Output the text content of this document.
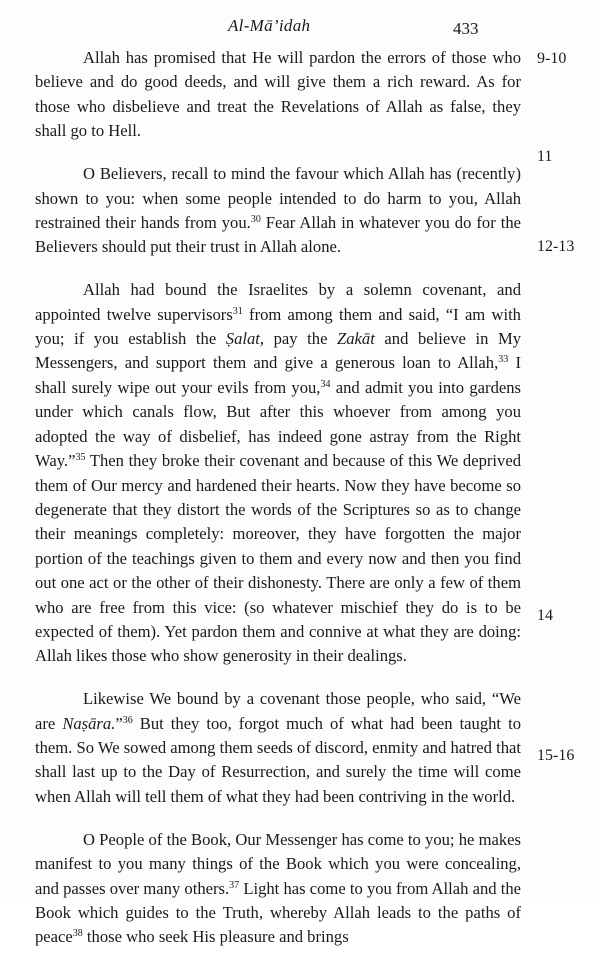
Al-Mā’idah	433
9-10
11
12-13
14
15-16

Allah has promised that He will pardon the errors of those who believe and do good deeds, and will give them a rich reward. As for those who disbelieve and treat the Revelations of Allah as false, they shall go to Hell.

O Believers, recall to mind the favour which Allah has (recently) shown to you: when some people intended to do harm to you, Allah restrained their hands from you.$^{30}$ Fear Allah in whatever you do for the Believers should put their trust in Allah alone.

Allah had bound the Israelites by a solemn covenant, and appointed twelve supervisors$^{31}$ from among them and said, “I am with you; if you establish the Ṣalat, pay the Zakāt and believe in My Messengers, and support them and give a generous loan to Allah,$^{33}$ I shall surely wipe out your evils from you,$^{34}$ and admit you into gardens under which canals flow, But after this whoever from among you adopted the way of disbelief, has indeed gone astray from the Right Way.”$^{35}$ Then they broke their covenant and because of this We deprived them of Our mercy and hardened their hearts. Now they have become so degenerate that they distort the words of the Scriptures so as to change their meanings completely: moreover, they have forgotten the major portion of the teachings given to them and every now and then you find out one act or the other of their dishonesty. There are only a few of them who are free from this vice: (so whatever mischief they do is to be expected of them). Yet pardon them and connive at what they are doing: Allah likes those who show generosity in their dealings.

Likewise We bound by a covenant those people, who said, “We are Naṣāra.”$^{36}$ But they too, forgot much of what had been taught to them. So We sowed among them seeds of discord, enmity and hatred that shall last up to the Day of Resurrection, and surely the time will come when Allah will tell them of what they had been contriving in the world.

O People of the Book, Our Messenger has come to you; he makes manifest to you many things of the Book which you were concealing, and passes over many others.$^{37}$ Light has come to you from Allah and the Book which guides to the Truth, whereby Allah leads to the paths of peace$^{38}$ those who seek His pleasure and brings
